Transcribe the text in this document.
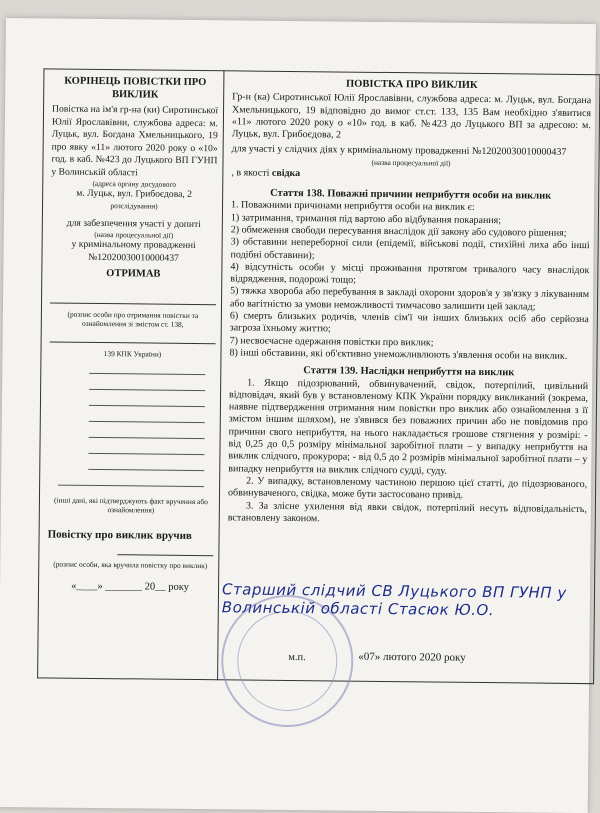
КОРІНЕЦЬ ПОВІСТКИ ПРО ВИКЛИК

Повістка на ім'я гр-на (ки) Сиротинської Юлії Ярославівни, службова адреса: м. Луцьк, вул. Богдана Хмельницького, 19 про явку «11» лютого 2020 року о «10» год. в каб. №423 до Луцького ВП ГУНП у Волинській області

(адреса органу досудового

м. Луцьк, вул. Грибоєдова, 2

розслідування)

для забезпечення участі у допиті

(назва процесуальної дії)

у кримінальному провадженні №12020030010000437

ОТРИМАВ

(розпис особи про отримання повістки та ознайомлення зі змістом ст. 138,

139 КПК України)

(інші дані, які підтверджують факт вручення або ознайомлення)

Повістку про виклик вручив

(розпис особи, яка вручила повістку про виклик)

«____» _______ 20__ року

ПОВІСТКА ПРО ВИКЛИК

Гр-н (ка) Сиротинської Юлії Ярославівни, службова адреса: м. Луцьк, вул. Богдана Хмельницького, 19 відповідно до вимог ст.ст. 133, 135 Вам необхідно з'явитися «11» лютого 2020 року о «10» год. в каб. №423 до Луцького ВП за адресою: м. Луцьк, вул. Грибоєдова, 2

для участі у слідчих діях у кримінальному провадженні №12020030010000437

(назва процесуальної дії)

, в якості свідка

Стаття 138. Поважні причини неприбуття особи на виклик

1. Поважними причинами неприбуття особи на виклик є:

1) затримання, тримання під вартою або відбування покарання;

2) обмеження свободи пересування внаслідок дії закону або судового рішення;

3) обставини непереборної сили (епідемії, військові події, стихійні лиха або інші подібні обставини);

4) відсутність особи у місці проживання протягом тривалого часу внаслідок відрядження, подорожі тощо;

5) тяжка хвороба або перебування в закладі охорони здоров'я у зв'язку з лікуванням або вагітністю за умови неможливості тимчасово залишити цей заклад;

6) смерть близьких родичів, членів сім'ї чи інших близьких осіб або серйозна загроза їхньому життю;

7) несвоєчасне одержання повістки про виклик;

8) інші обставини, які об'єктивно унеможливлюють з'явлення особи на виклик.

Стаття 139. Наслідки неприбуття на виклик

1. Якщо підозрюваний, обвинувачений, свідок, потерпілий, цивільний відповідач, який був у встановленому КПК України порядку викликаний (зокрема, наявне підтвердження отримання ним повістки про виклик або ознайомлення з її змістом іншим шляхом), не з'явився без поважних причин або не повідомив про причини свого неприбуття, на нього накладається грошове стягнення у розмірі: - від 0,25 до 0,5 розміру мінімальної заробітної плати – у випадку неприбуття на виклик слідчого, прокурора; - від 0,5 до 2 розмірів мінімальної заробітної плати – у випадку неприбуття на виклик слідчого судді, суду.

2. У випадку, встановленому частиною першою цієї статті, до підозрюваного, обвинуваченого, свідка, може бути застосовано привід.

3. За злісне ухилення від явки свідок, потерпілий несуть відповідальність, встановлену законом.

м.п.	«07» лютого 2020 року

Старший слідчий СВ Луцького ВП ГУНП у Волинській області Стасюк Ю.О.
